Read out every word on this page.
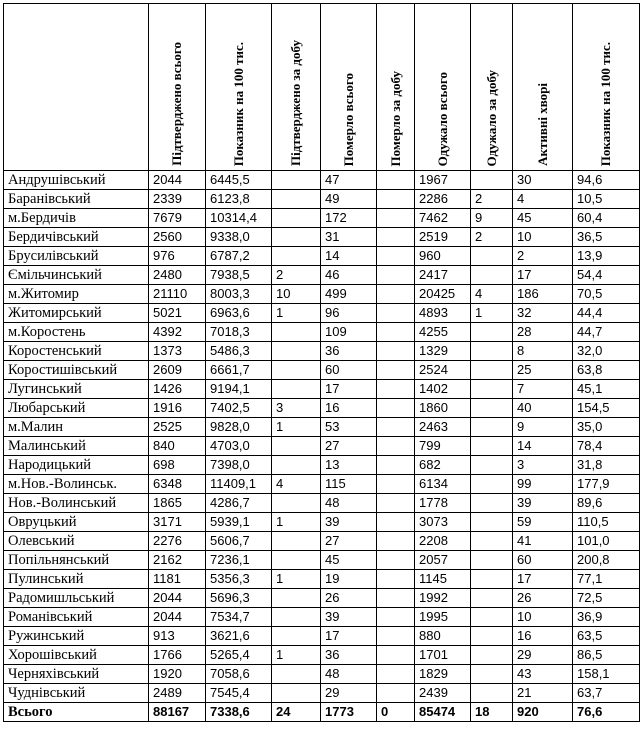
	Підтверджено всього	Показник на 100 тис.	Підтверджено за добу	Померло всього	Померло за добу	Одужало всього	Одужало за добу	Активні хворі	Показник на 100 тис.

Андрушівський	2044	6445,5		47		1967		30	94,6
Баранівський	2339	6123,8		49		2286	2	4	10,5
м.Бердичів	7679	10314,4		172		7462	9	45	60,4
Бердичівський	2560	9338,0		31		2519	2	10	36,5
Брусилівський	976	6787,2		14		960		2	13,9
Ємільчинський	2480	7938,5	2	46		2417		17	54,4
м.Житомир	21110	8003,3	10	499		20425	4	186	70,5
Житомирський	5021	6963,6	1	96		4893	1	32	44,4
м.Коростень	4392	7018,3		109		4255		28	44,7
Коростенський	1373	5486,3		36		1329		8	32,0
Коростишівський	2609	6661,7		60		2524		25	63,8
Лугинський	1426	9194,1		17		1402		7	45,1
Любарський	1916	7402,5	3	16		1860		40	154,5
м.Малин	2525	9828,0	1	53		2463		9	35,0
Малинський	840	4703,0		27		799		14	78,4
Народицький	698	7398,0		13		682		3	31,8
м.Нов.-Волинськ.	6348	11409,1	4	115		6134		99	177,9
Нов.-Волинський	1865	4286,7		48		1778		39	89,6
Овруцький	3171	5939,1	1	39		3073		59	110,5
Олевський	2276	5606,7		27		2208		41	101,0
Попільнянський	2162	7236,1		45		2057		60	200,8
Пулинський	1181	5356,3	1	19		1145		17	77,1
Радомишльський	2044	5696,3		26		1992		26	72,5
Романівський	2044	7534,7		39		1995		10	36,9
Ружинський	913	3621,6		17		880		16	63,5
Хорошівський	1766	5265,4	1	36		1701		29	86,5
Черняхівський	1920	7058,6		48		1829		43	158,1
Чуднівський	2489	7545,4		29		2439		21	63,7
Всього	88167	7338,6	24	1773	0	85474	18	920	76,6
